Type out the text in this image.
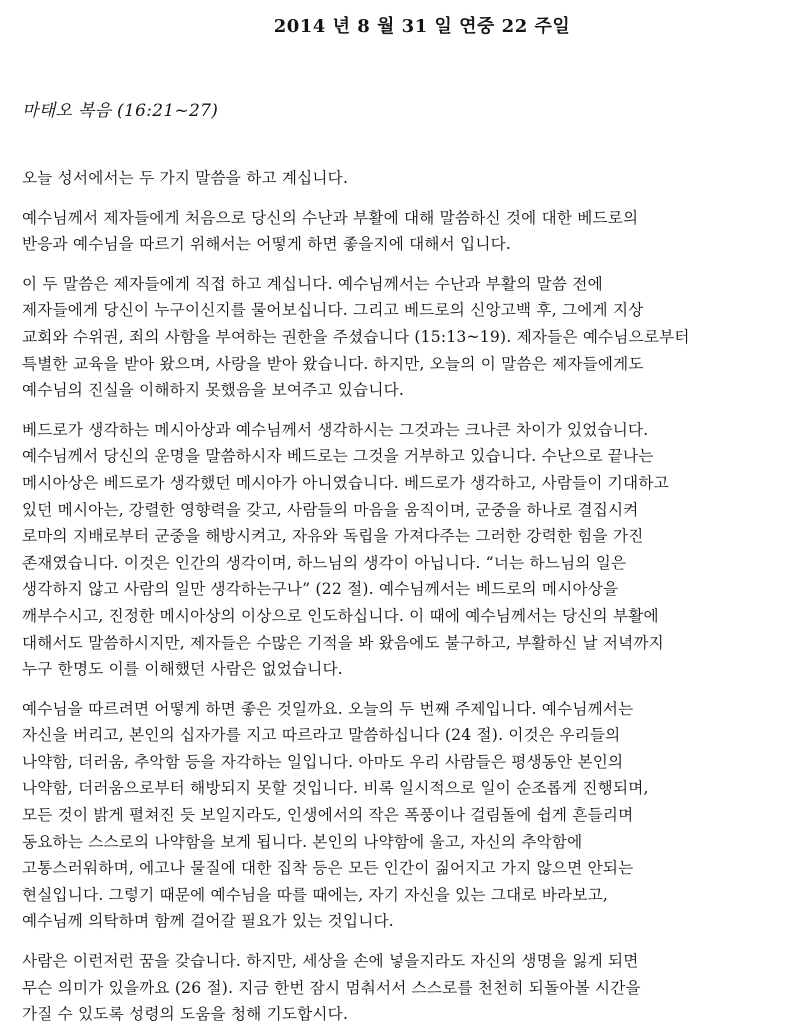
2014 년 8 월 31 일 연중 22 주일
마태오 복음 (16:21~27)

오늘 성서에서는 두 가지 말씀을 하고 계십니다.

예수님께서 제자들에게 처음으로 당신의 수난과 부활에 대해 말씀하신 것에 대한 베드로의
반응과 예수님을 따르기 위해서는 어떻게 하면 좋을지에 대해서 입니다.

이 두 말씀은 제자들에게 직접 하고 계십니다. 예수님께서는 수난과 부활의 말씀 전에
제자들에게 당신이 누구이신지를 물어보십니다. 그리고 베드로의 신앙고백 후, 그에게 지상
교회와 수위권, 죄의 사함을 부여하는 권한을 주셨습니다 (15:13~19). 제자들은 예수님으로부터
특별한 교육을 받아 왔으며, 사랑을 받아 왔습니다. 하지만, 오늘의 이 말씀은 제자들에게도
예수님의 진실을 이해하지 못했음을 보여주고 있습니다.

베드로가 생각하는 메시아상과 예수님께서 생각하시는 그것과는 크나큰 차이가 있었습니다.
예수님께서 당신의 운명을 말씀하시자 베드로는 그것을 거부하고 있습니다. 수난으로 끝나는
메시아상은 베드로가 생각했던 메시아가 아니였습니다. 베드로가 생각하고, 사람들이 기대하고
있던 메시아는, 강렬한 영향력을 갖고, 사람들의 마음을 움직이며, 군중을 하나로 결집시켜
로마의 지배로부터 군중을 해방시켜고, 자유와 독립을 가져다주는 그러한 강력한 힘을 가진
존재였습니다. 이것은 인간의 생각이며, 하느님의 생각이 아닙니다. “너는 하느님의 일은
생각하지 않고 사람의 일만 생각하는구나” (22 절). 예수님께서는 베드로의 메시아상을
깨부수시고, 진정한 메시아상의 이상으로 인도하십니다. 이 때에 예수님께서는 당신의 부활에
대해서도 말씀하시지만, 제자들은 수많은 기적을 봐 왔음에도 불구하고, 부활하신 날 저녁까지
누구 한명도 이를 이해했던 사람은 없었습니다.

예수님을 따르려면 어떻게 하면 좋은 것일까요. 오늘의 두 번째 주제입니다. 예수님께서는
자신을 버리고, 본인의 십자가를 지고 따르라고 말씀하십니다 (24 절). 이것은 우리들의
나약함, 더러움, 추악함 등을 자각하는 일입니다. 아마도 우리 사람들은 평생동안 본인의
나약함, 더러움으로부터 해방되지 못할 것입니다. 비록 일시적으로 일이 순조롭게 진행되며,
모든 것이 밝게 펼쳐진 듯 보일지라도, 인생에서의 작은 폭풍이나 걸림돌에 쉽게 흔들리며
동요하는 스스로의 나약함을 보게 됩니다. 본인의 나약함에 울고, 자신의 추악함에
고통스러워하며, 에고나 물질에 대한 집착 등은 모든 인간이 짊어지고 가지 않으면 안되는
현실입니다. 그렇기 때문에 예수님을 따를 때에는, 자기 자신을 있는 그대로 바라보고,
예수님께 의탁하며 함께 걸어갈 필요가 있는 것입니다.

사람은 이런저런 꿈을 갖습니다. 하지만, 세상을 손에 넣을지라도 자신의 생명을 잃게 되면
무슨 의미가 있을까요 (26 절). 지금 한번 잠시 멈춰서서 스스로를 천천히 되돌아볼 시간을
가질 수 있도록 성령의 도움을 청해 기도합시다.
